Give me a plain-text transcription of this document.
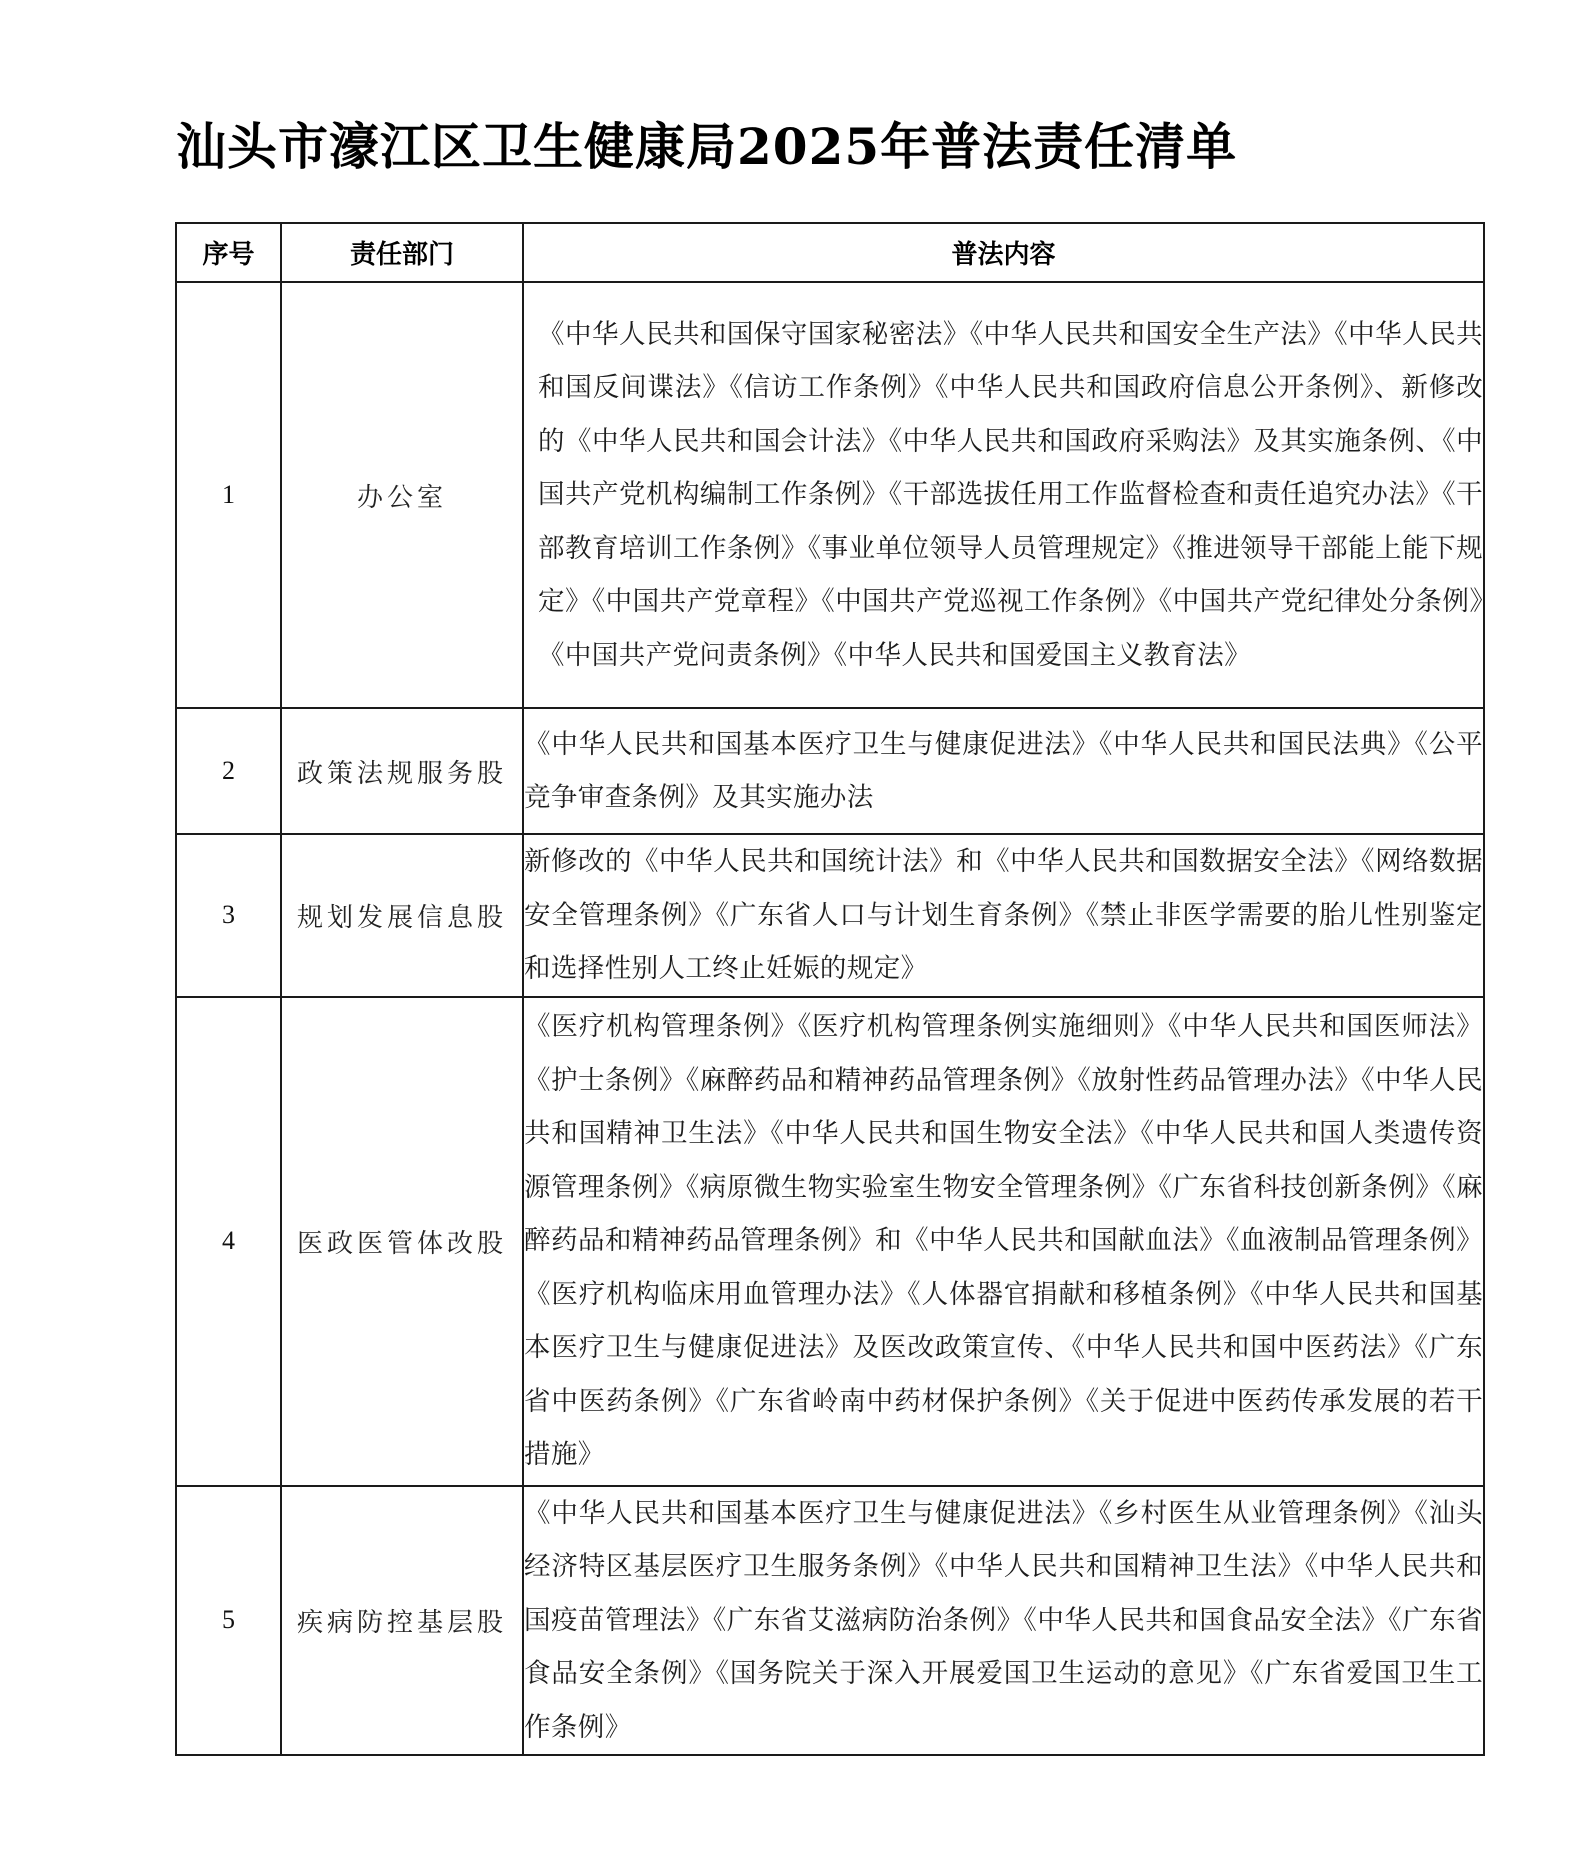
汕头市濠江区卫生健康局2025年普法责任清单
序号	责任部门	普法内容
1	办公室	《中华人民共和国保守国家秘密法》《中华人民共和国安全生产法》《中华人民共和国反间谍法》《信访工作条例》《中华人民共和国政府信息公开条例》、新修改的《中华人民共和国会计法》《中华人民共和国政府采购法》及其实施条例、《中国共产党机构编制工作条例》《干部选拔任用工作监督检查和责任追究办法》《干部教育培训工作条例》《事业单位领导人员管理规定》《推进领导干部能上能下规定》《中国共产党章程》《中国共产党巡视工作条例》《中国共产党纪律处分条例》《中国共产党问责条例》《中华人民共和国爱国主义教育法》

2	政策法规服务股	《中华人民共和国基本医疗卫生与健康促进法》《中华人民共和国民法典》《公平竞争审查条例》及其实施办法
3	规划发展信息股	新修改的《中华人民共和国统计法》和《中华人民共和国数据安全法》《网络数据安全管理条例》《广东省人口与计划生育条例》《禁止非医学需要的胎儿性别鉴定和选择性别人工终止妊娠的规定》
4	医政医管体改股	《医疗机构管理条例》《医疗机构管理条例实施细则》《中华人民共和国医师法》《护士条例》《麻醉药品和精神药品管理条例》《放射性药品管理办法》《中华人民共和国精神卫生法》《中华人民共和国生物安全法》《中华人民共和国人类遗传资源管理条例》《病原微生物实验室生物安全管理条例》《广东省科技创新条例》《麻醉药品和精神药品管理条例》和《中华人民共和国献血法》《血液制品管理条例》《医疗机构临床用血管理办法》《人体器官捐献和移植条例》《中华人民共和国基本医疗卫生与健康促进法》及医改政策宣传、《中华人民共和国中医药法》《广东省中医药条例》《广东省岭南中药材保护条例》《关于促进中医药传承发展的若干措施》
5	疾病防控基层股	《中华人民共和国基本医疗卫生与健康促进法》《乡村医生从业管理条例》《汕头经济特区基层医疗卫生服务条例》《中华人民共和国精神卫生法》《中华人民共和国疫苗管理法》《广东省艾滋病防治条例》《中华人民共和国食品安全法》《广东省食品安全条例》《国务院关于深入开展爱国卫生运动的意见》《广东省爱国卫生工作条例》
